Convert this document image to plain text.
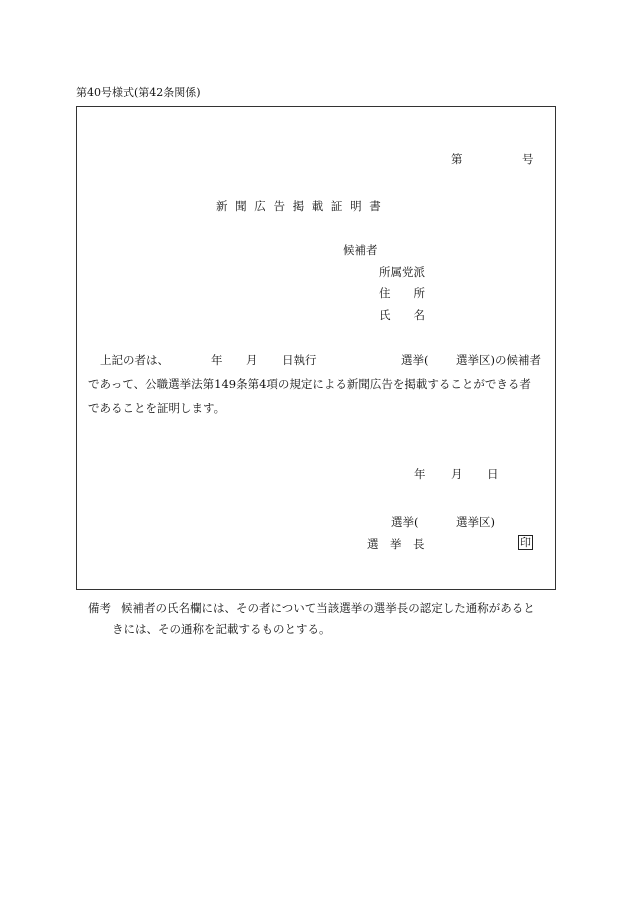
第40号様式(第42条関係)
第	号
新 聞 広 告 掲 載 証 明 書
候補者
所属党派
住　　所
氏　　名
上記の者は、	年 月 日執行	選挙( 選挙区)の候補者
であって、公職選挙法第149条第4項の規定による新聞広告を掲載することができる者
であることを証明します。
年 月 日
選挙(	選挙区)
選　挙　長	印
備考 候補者の氏名欄には、その者について当該選挙の選挙長の認定した通称があると
きには、その通称を記載するものとする。
